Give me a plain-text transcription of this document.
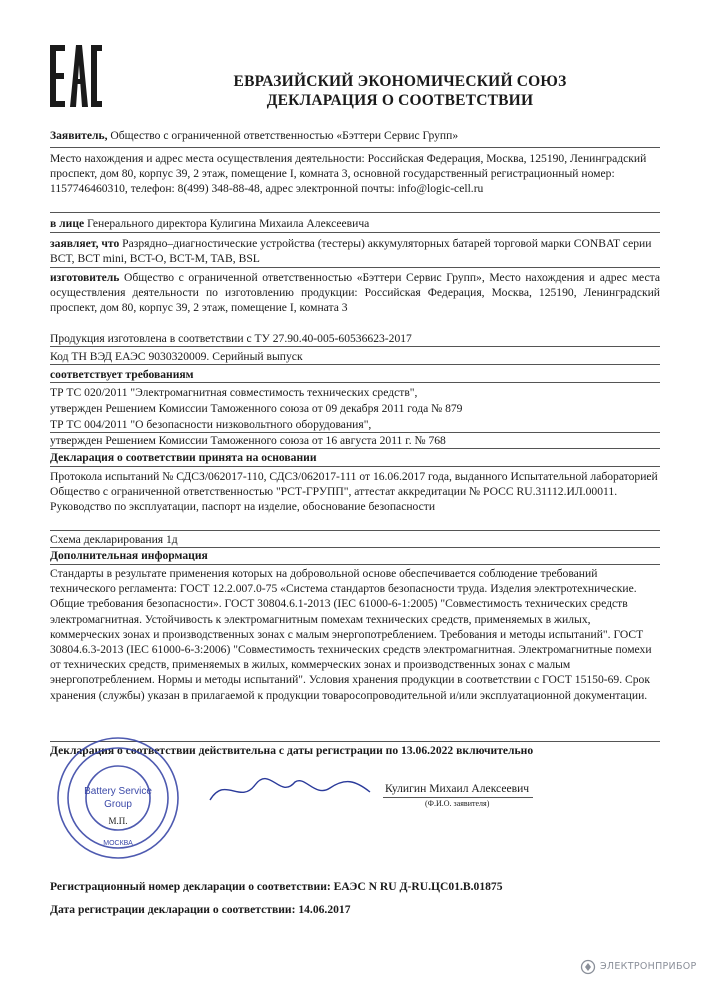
ЕВРАЗИЙСКИЙ ЭКОНОМИЧЕСКИЙ СОЮЗ
ДЕКЛАРАЦИЯ О СООТВЕТСТВИИ
Заявитель, Общество с ограниченной ответственностью «Бэттери Сервис Групп»
Место нахождения и адрес места осуществления деятельности: Российская Федерация, Москва, 125190, Ленинградский проспект, дом 80, корпус 39, 2 этаж, помещение I, комната 3, основной государственный регистрационный номер: 1157746460310, телефон: 8(499) 348-88-48, адрес электронной почты: info@logic-cell.ru
в лице Генерального директора Кулигина Михаила Алексеевича
заявляет, что Разрядно–диагностические устройства (тестеры) аккумуляторных батарей торговой марки CONBAT серии BCT, BCT mini, BCT-O, BCT-M, TAB, BSL
изготовитель Общество с ограниченной ответственностью «Бэттери Сервис Групп», Место нахождения и адрес места осуществления деятельности по изготовлению продукции: Российская Федерация, Москва, 125190, Ленинградский проспект, дом 80, корпус 39, 2 этаж, помещение I, комната 3
Продукция изготовлена в соответствии с ТУ 27.90.40-005-60536623-2017
Код ТН ВЭД ЕАЭС 9030320009. Серийный выпуск
соответствует требованиям
ТР ТС 020/2011 "Электромагнитная совместимость технических средств",
утвержден Решением Комиссии Таможенного союза от 09 декабря 2011 года № 879
ТР ТС 004/2011 "О безопасности низковольтного оборудования",
утвержден Решением Комиссии Таможенного союза от 16 августа 2011 г. № 768
Декларация о соответствии принята на основании
Протокола испытаний № СДСЗ/062017-110, СДСЗ/062017-111 от 16.06.2017 года, выданного Испытательной лабораторией Общество с ограниченной ответственностью "РСТ-ГРУПП", аттестат аккредитации № РОСС RU.31112.ИЛ.00011. Руководство по эксплуатации, паспорт на изделие, обоснование безопасности
Схема декларирования 1д
Дополнительная информация
Стандарты в результате применения которых на добровольной основе обеспечивается соблюдение требований технического регламента: ГОСТ 12.2.007.0-75 «Система стандартов безопасности труда. Изделия электротехнические. Общие требования безопасности». ГОСТ 30804.6.1-2013 (IEC 61000-6-1:2005) "Совместимость технических средств электромагнитная. Устойчивость к электромагнитным помехам технических средств, применяемых в жилых, коммерческих зонах и производственных зонах с малым энергопотреблением. Требования и методы испытаний". ГОСТ 30804.6.3-2013 (IEC 61000-6-3:2006) "Совместимость технических средств электромагнитная. Электромагнитные помехи от технических средств, применяемых в жилых, коммерческих зонах и производственных зонах с малым энергопотреблением. Нормы и методы испытаний". Условия хранения продукции в соответствии с ГОСТ 15150-69. Срок хранения (службы) указан в прилагаемой к продукции товаросопроводительной и/или эксплуатационной документации.
Декларация о соответствии действительна с даты регистрации по 13.06.2022 включительно
Battery Service
Group
МОСКВА
М.П.
Кулигин Михаил Алексеевич
(Ф.И.О. заявителя)
Регистрационный номер декларации о соответствии: ЕАЭС N RU Д-RU.ЦС01.В.01875
Дата регистрации декларации о соответствии: 14.06.2017
ЭЛЕКТРОНПРИБОР
